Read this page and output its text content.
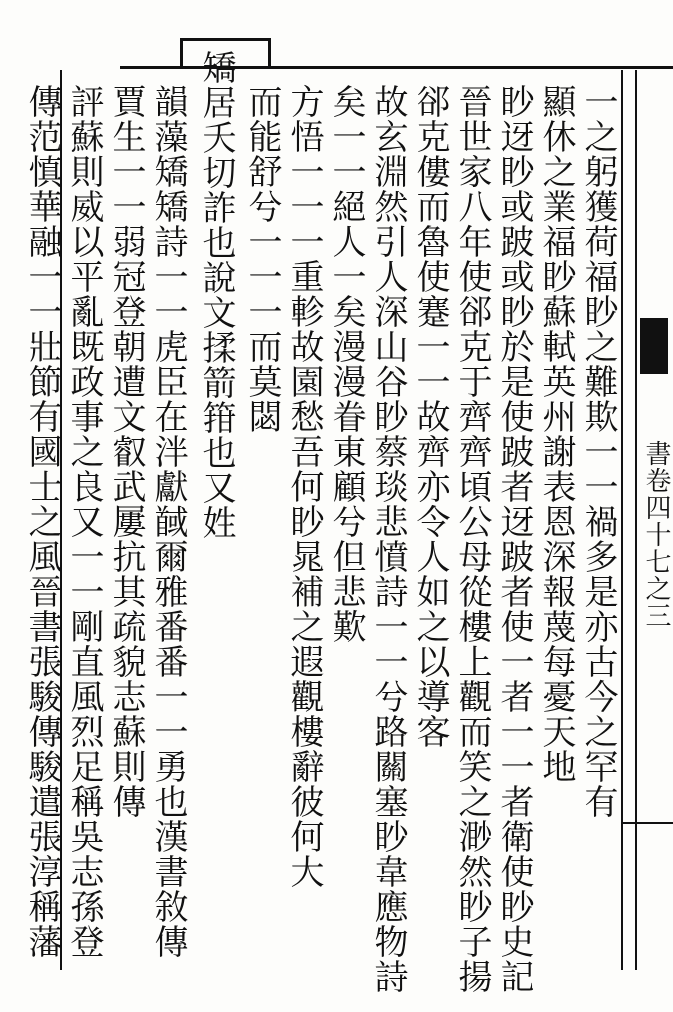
書卷四十七之三
一之躬獲荷福眇之難欺一一禍多是亦古今之罕有
顯休之業福眇蘇軾英州謝表恩深報蔑每憂天地
眇迓眇或跛或眇於是使跛者迓跛者使一者一一者衛使眇史記
晉世家八年使郤克于齊齊頃公母從樓上觀而笑之渺然眇子揚
郤克僂而魯使蹇一一故齊亦令人如之以導客
故玄淵然引人深山谷眇蔡琰悲憤詩一一兮路關塞眇韋應物詩
矣一一絕人一矣漫漫眷東顧兮但悲歎
方悟一一一重軫故園愁吾何眇晁補之遐觀樓辭彼何大
而能舒兮一一一而莫閟
矯居夭切詐也說文揉箭箝也又姓
韻藻矯矯詩一一虎臣在泮獻馘爾雅番番一一勇也漢書敘傳
賈生一一弱冠登朝遭文叡武屢抗其疏貌志蘇則傳
評蘇則威以平亂既政事之良又一一剛直風烈足稱吳志孫登
傳范慎華融一一壯節有國士之風晉書張駿傳駿遣張淳稱藩
